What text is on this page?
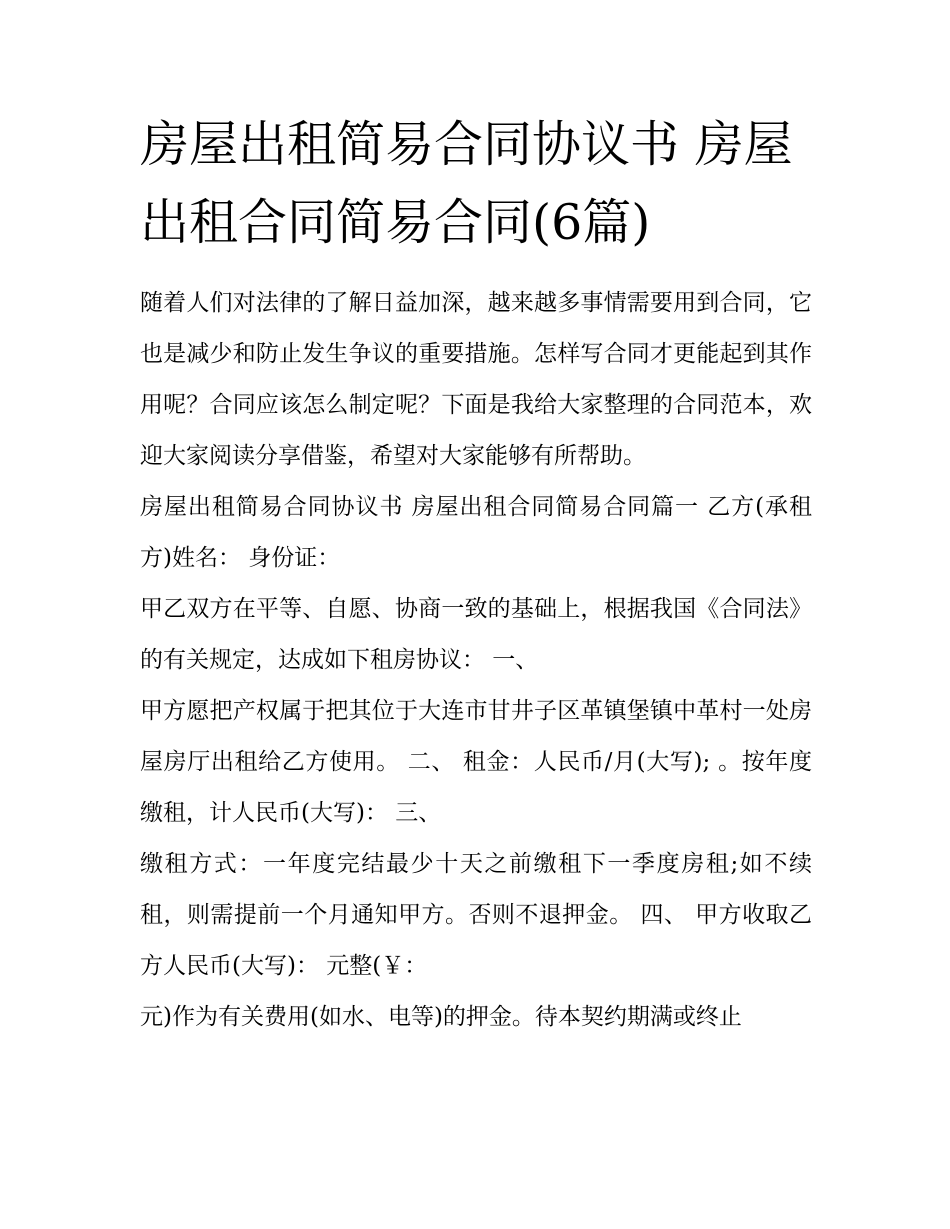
房屋出租简易合同协议书 房屋出租合同简易合同(6篇)

随着人们对法律的了解日益加深，越来越多事情需要用到合同，它也是减少和防止发生争议的重要措施。怎样写合同才更能起到其作用呢？合同应该怎么制定呢？下面是我给大家整理的合同范本，欢迎大家阅读分享借鉴，希望对大家能够有所帮助。

房屋出租简易合同协议书 房屋出租合同简易合同篇一 乙方(承租方)姓名： 身份证：

甲乙双方在平等、自愿、协商一致的基础上，根据我国《合同法》的有关规定，达成如下租房协议： 一、

甲方愿把产权属于把其位于大连市甘井子区革镇堡镇中革村一处房屋房厅出租给乙方使用。 二、 租金：人民币/月(大写); 。按年度缴租，计人民币(大写)： 三、

缴租方式：一年度完结最少十天之前缴租下一季度房租;如不续租，则需提前一个月通知甲方。否则不退押金。 四、 甲方收取乙方人民币(大写)： 元整(￥：

元)作为有关费用(如水、电等)的押金。待本契约期满或终止
